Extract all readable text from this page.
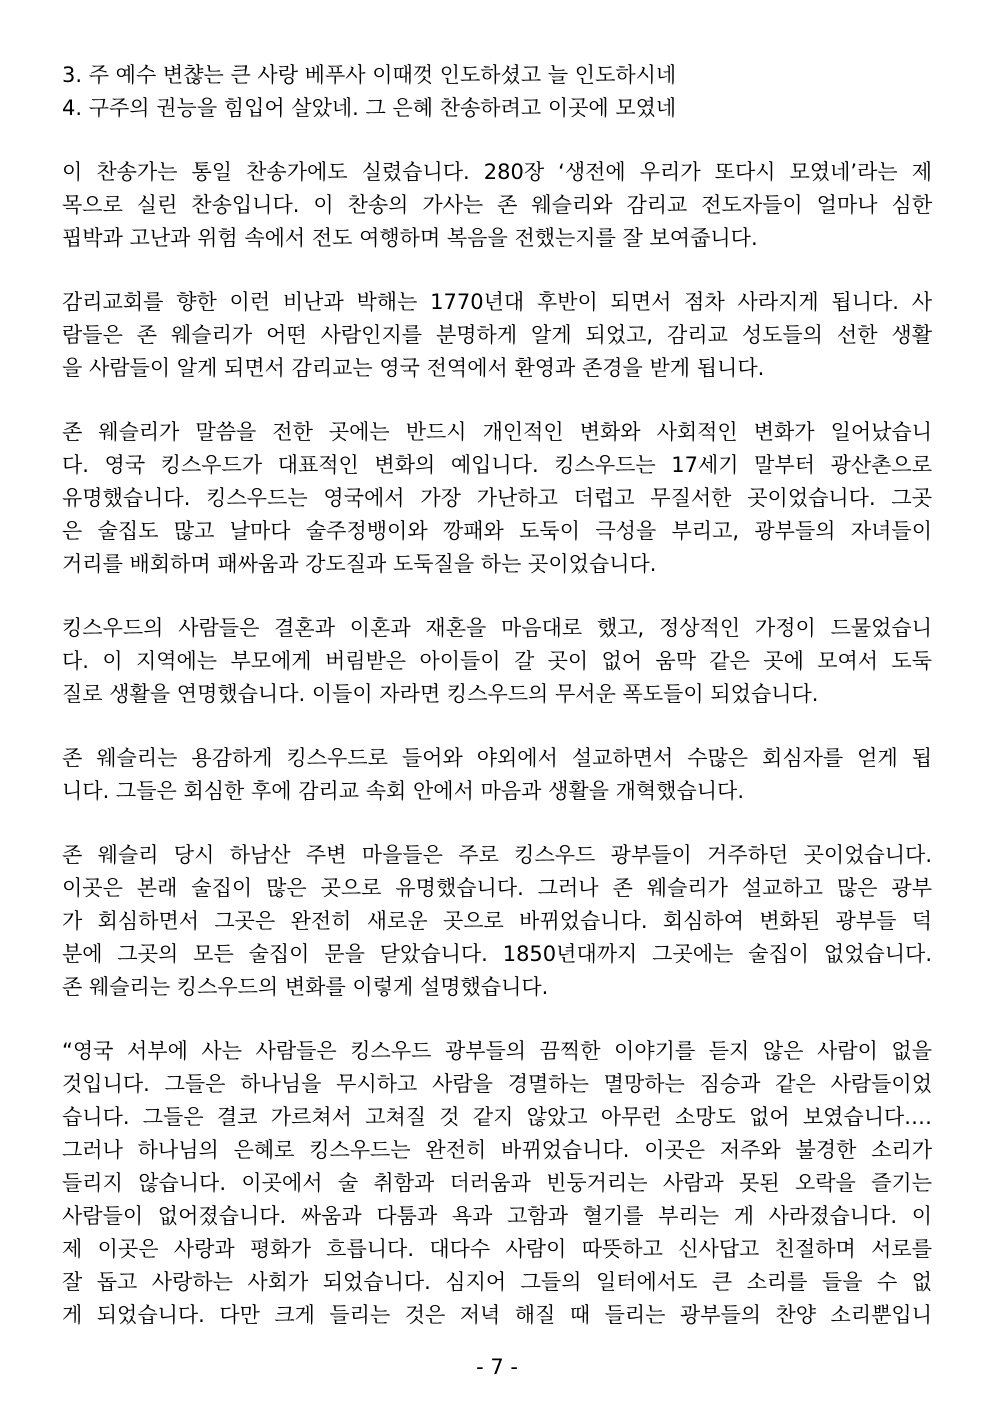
3. 주 예수 변챦는 큰 사랑 베푸사 이때껏 인도하셨고 늘 인도하시네
4. 구주의 권능을 힘입어 살았네. 그 은혜 찬송하려고 이곳에 모였네
이 찬송가는 통일 찬송가에도 실렸습니다. 280장 ‘생전에 우리가 또다시 모였네’라는 제
목으로 실린 찬송입니다. 이 찬송의 가사는 존 웨슬리와 감리교 전도자들이 얼마나 심한
핍박과 고난과 위험 속에서 전도 여행하며 복음을 전했는지를 잘 보여줍니다.
감리교회를 향한 이런 비난과 박해는 1770년대 후반이 되면서 점차 사라지게 됩니다. 사
람들은 존 웨슬리가 어떤 사람인지를 분명하게 알게 되었고, 감리교 성도들의 선한 생활
을 사람들이 알게 되면서 감리교는 영국 전역에서 환영과 존경을 받게 됩니다.
존 웨슬리가 말씀을 전한 곳에는 반드시 개인적인 변화와 사회적인 변화가 일어났습니
다. 영국 킹스우드가 대표적인 변화의 예입니다. 킹스우드는 17세기 말부터 광산촌으로
유명했습니다. 킹스우드는 영국에서 가장 가난하고 더럽고 무질서한 곳이었습니다. 그곳
은 술집도 많고 날마다 술주정뱅이와 깡패와 도둑이 극성을 부리고, 광부들의 자녀들이
거리를 배회하며 패싸움과 강도질과 도둑질을 하는 곳이었습니다.
킹스우드의 사람들은 결혼과 이혼과 재혼을 마음대로 했고, 정상적인 가정이 드물었습니
다. 이 지역에는 부모에게 버림받은 아이들이 갈 곳이 없어 움막 같은 곳에 모여서 도둑
질로 생활을 연명했습니다. 이들이 자라면 킹스우드의 무서운 폭도들이 되었습니다.
존 웨슬리는 용감하게 킹스우드로 들어와 야외에서 설교하면서 수많은 회심자를 얻게 됩
니다. 그들은 회심한 후에 감리교 속회 안에서 마음과 생활을 개혁했습니다.
존 웨슬리 당시 하남산 주변 마을들은 주로 킹스우드 광부들이 거주하던 곳이었습니다.
이곳은 본래 술집이 많은 곳으로 유명했습니다. 그러나 존 웨슬리가 설교하고 많은 광부
가 회심하면서 그곳은 완전히 새로운 곳으로 바뀌었습니다. 회심하여 변화된 광부들 덕
분에 그곳의 모든 술집이 문을 닫았습니다. 1850년대까지 그곳에는 술집이 없었습니다.
존 웨슬리는 킹스우드의 변화를 이렇게 설명했습니다.
“영국 서부에 사는 사람들은 킹스우드 광부들의 끔찍한 이야기를 듣지 않은 사람이 없을
것입니다. 그들은 하나님을 무시하고 사람을 경멸하는 멸망하는 짐승과 같은 사람들이었
습니다. 그들은 결코 가르쳐서 고쳐질 것 같지 않았고 아무런 소망도 없어 보였습니다.…
그러나 하나님의 은혜로 킹스우드는 완전히 바뀌었습니다. 이곳은 저주와 불경한 소리가
들리지 않습니다. 이곳에서 술 취함과 더러움과 빈둥거리는 사람과 못된 오락을 즐기는
사람들이 없어졌습니다. 싸움과 다툼과 욕과 고함과 혈기를 부리는 게 사라졌습니다. 이
제 이곳은 사랑과 평화가 흐릅니다. 대다수 사람이 따뜻하고 신사답고 친절하며 서로를
잘 돕고 사랑하는 사회가 되었습니다. 심지어 그들의 일터에서도 큰 소리를 들을 수 없
게 되었습니다. 다만 크게 들리는 것은 저녁 해질 때 들리는 광부들의 찬양 소리뿐입니
- 7 -
